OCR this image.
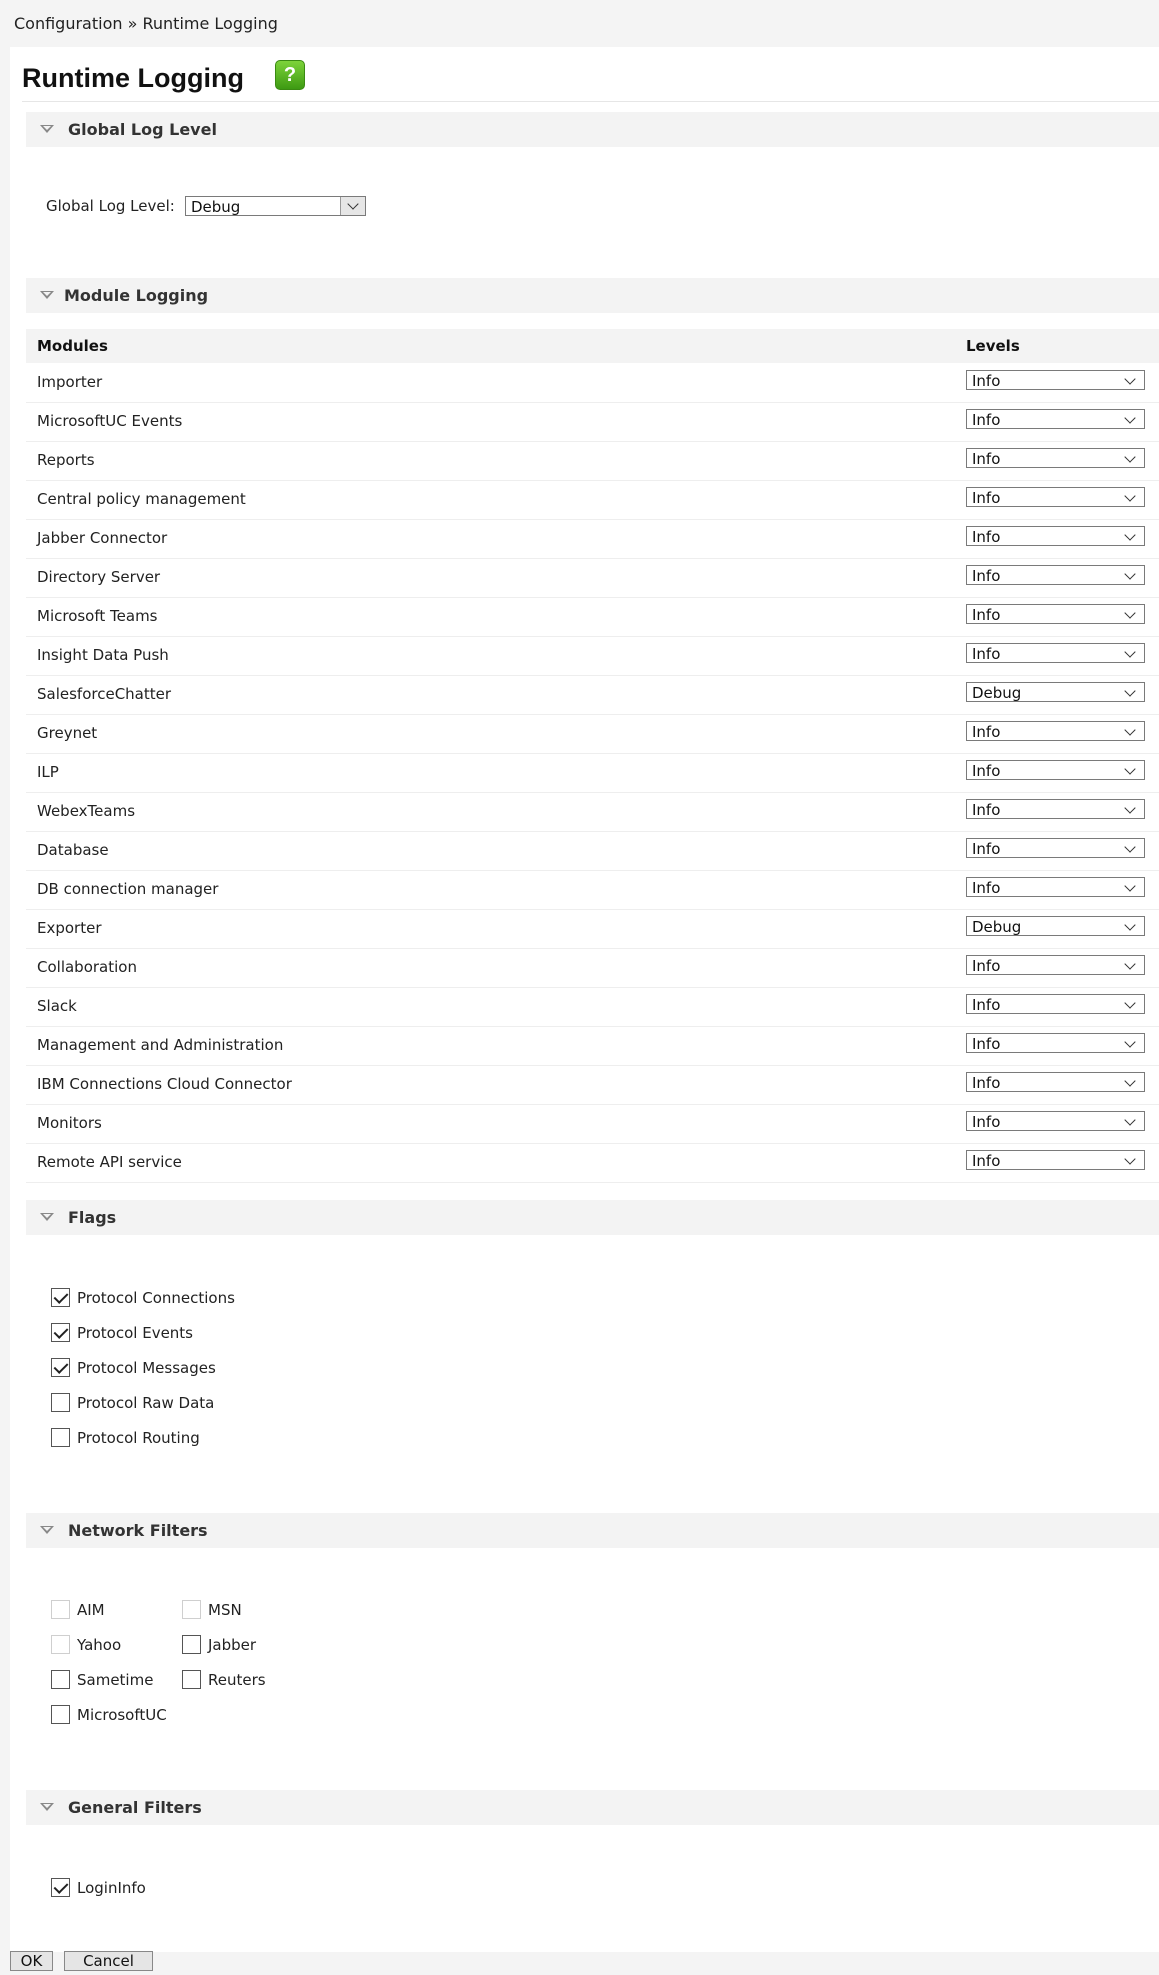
Configuration » Runtime Logging
Runtime Logging	?
Global Log Level
Global Log Level:	Debug
Module Logging
Modules	Levels
Importer	Info
MicrosoftUC Events	Info
Reports	Info
Central policy management	Info
Jabber Connector	Info
Directory Server	Info
Microsoft Teams	Info
Insight Data Push	Info
SalesforceChatter	Debug
Greynet	Info
ILP	Info
WebexTeams	Info
Database	Info
DB connection manager	Info
Exporter	Debug
Collaboration	Info
Slack	Info
Management and Administration	Info
IBM Connections Cloud Connector	Info
Monitors	Info
Remote API service	Info
Flags
Protocol Connections
Protocol Events
Protocol Messages
Protocol Raw Data
Protocol Routing
Network Filters
AIM	MSN
Yahoo	Jabber
Sametime	Reuters
MicrosoftUC
General Filters
LoginInfo
OK	Cancel
